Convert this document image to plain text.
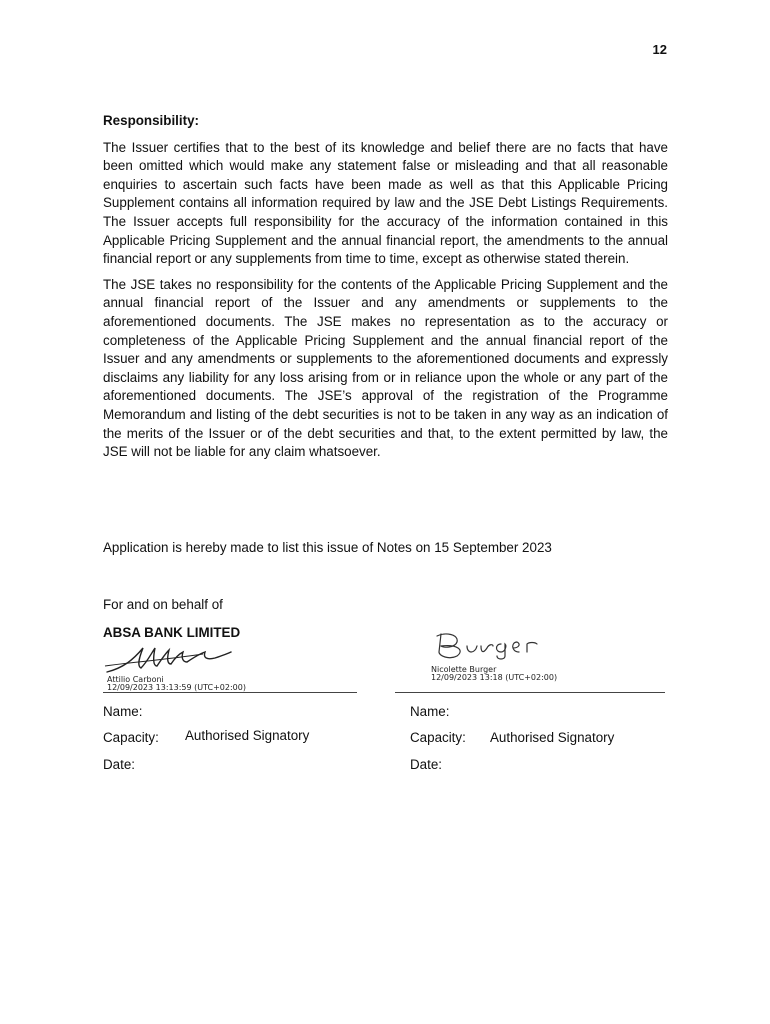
12
Responsibility:

The Issuer certifies that to the best of its knowledge and belief there are no facts that have been omitted which would make any statement false or misleading and that all reasonable enquiries to ascertain such facts have been made as well as that this Applicable Pricing Supplement contains all information required by law and the JSE Debt Listings Requirements. The Issuer accepts full responsibility for the accuracy of the information contained in this Applicable Pricing Supplement and the annual financial report, the amendments to the annual financial report or any supplements from time to time, except as otherwise stated therein.

The JSE takes no responsibility for the contents of the Applicable Pricing Supplement and the annual financial report of the Issuer and any amendments or supplements to the aforementioned documents. The JSE makes no representation as to the accuracy or completeness of the Applicable Pricing Supplement and the annual financial report of the Issuer and any amendments or supplements to the aforementioned documents and expressly disclaims any liability for any loss arising from or in reliance upon the whole or any part of the aforementioned documents. The JSE’s approval of the registration of the Programme Memorandum and listing of the debt securities is not to be taken in any way as an indication of the merits of the Issuer or of the debt securities and that, to the extent permitted by law, the JSE will not be liable for any claim whatsoever.

Application is hereby made to list this issue of Notes on 15 September 2023
For and on behalf of
ABSA BANK LIMITED
Attilio Carboni
12/09/2023 13:13:59 (UTC+02:00)
Name:
Capacity: Authorised Signatory
Date:
Nicolette Burger
12/09/2023 13:18 (UTC+02:00)
Name:
Capacity: Authorised Signatory
Date:
